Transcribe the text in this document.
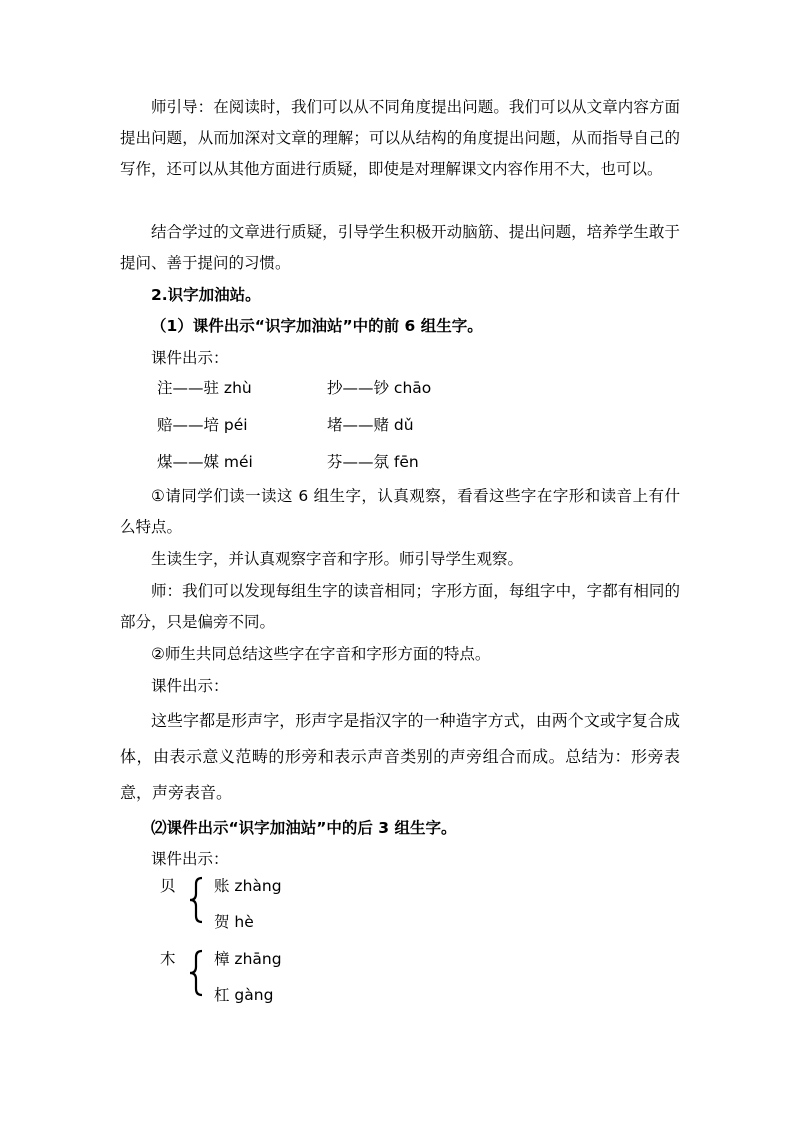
师引导：在阅读时，我们可以从不同角度提出问题。我们可以从文章内容方面提出问题，从而加深对文章的理解；可以从结构的角度提出问题，从而指导自己的写作，还可以从其他方面进行质疑，即使是对理解课文内容作用不大，也可以。

结合学过的文章进行质疑，引导学生积极开动脑筋、提出问题，培养学生敢于提问、善于提问的习惯。

2.识字加油站。

（1）课件出示“识字加油站”中的前 6 组生字。

课件出示：

注——驻 zhù	抄——钞 chāo
赔——培 péi	堵——赌 dǔ
煤——媒 méi	芬——氛 fēn

①请同学们读一读这 6 组生字，认真观察，看看这些字在字形和读音上有什么特点。

生读生字，并认真观察字音和字形。师引导学生观察。

师：我们可以发现每组生字的读音相同；字形方面，每组字中，字都有相同的部分，只是偏旁不同。

②师生共同总结这些字在字音和字形方面的特点。

课件出示：

这些字都是形声字，形声字是指汉字的一种造字方式，由两个文或字复合成体，由表示意义范畴的形旁和表示声音类别的声旁组合而成。总结为：形旁表意，声旁表音。

⑵课件出示“识字加油站”中的后 3 组生字。

课件出示：

贝 账 zhàng
贺 hè
木 樟 zhāng
杠 gàng
